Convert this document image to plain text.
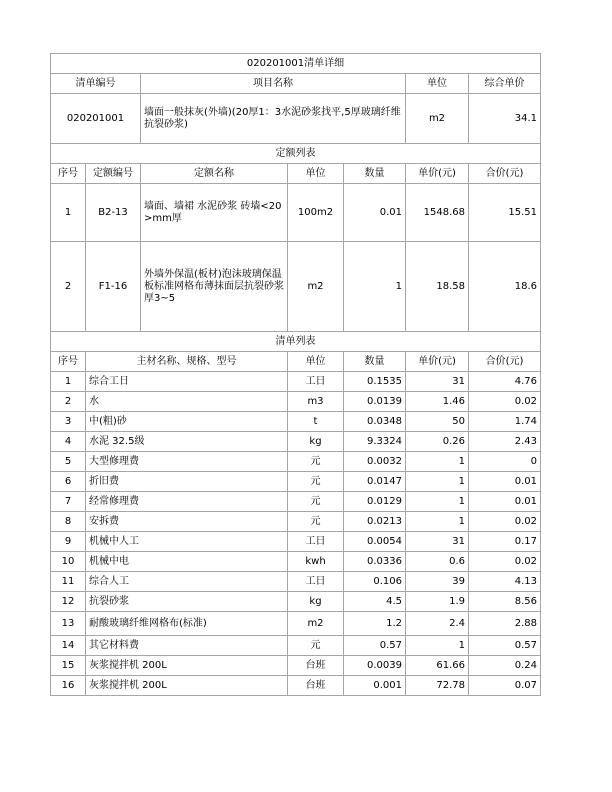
020201001清单详细						
清单编号		项目名称			单位	综合单价
020201001		墙面一般抹灰(外墙)(20厚1：3水泥砂浆找平,5厚玻璃纤维抗裂砂浆)			m2	34.1
定额列表						
序号	定额编号	定额名称	单位	数量	单价(元)	合价(元)
1	B2-13	墙面、墙裙 水泥砂浆 砖墙<20>mm厚	100m2	0.01	1548.68	15.51
2	F1-16	外墙外保温(板材)泡沫玻璃保温板标准网格布薄抹面层抗裂砂浆厚3~5	m2	1	18.58	18.6
清单列表						
序号	主材名称、规格、型号		单位	数量	单价(元)	合价(元)
1	综合工日		工日	0.1535	31	4.76
2	水		m3	0.0139	1.46	0.02
3	中(粗)砂		t	0.0348	50	1.74
4	水泥 32.5级		kg	9.3324	0.26	2.43
5	大型修理费		元	0.0032	1	0
6	折旧费		元	0.0147	1	0.01
7	经常修理费		元	0.0129	1	0.01
8	安拆费		元	0.0213	1	0.02
9	机械中人工		工日	0.0054	31	0.17
10	机械中电		kwh	0.0336	0.6	0.02
11	综合人工		工日	0.106	39	4.13
12	抗裂砂浆		kg	4.5	1.9	8.56
13	耐酸玻璃纤维网格布(标准)		m2	1.2	2.4	2.88
14	其它材料费		元	0.57	1	0.57
15	灰浆搅拌机 200L		台班	0.0039	61.66	0.24
16	灰浆搅拌机 200L		台班	0.001	72.78	0.07
